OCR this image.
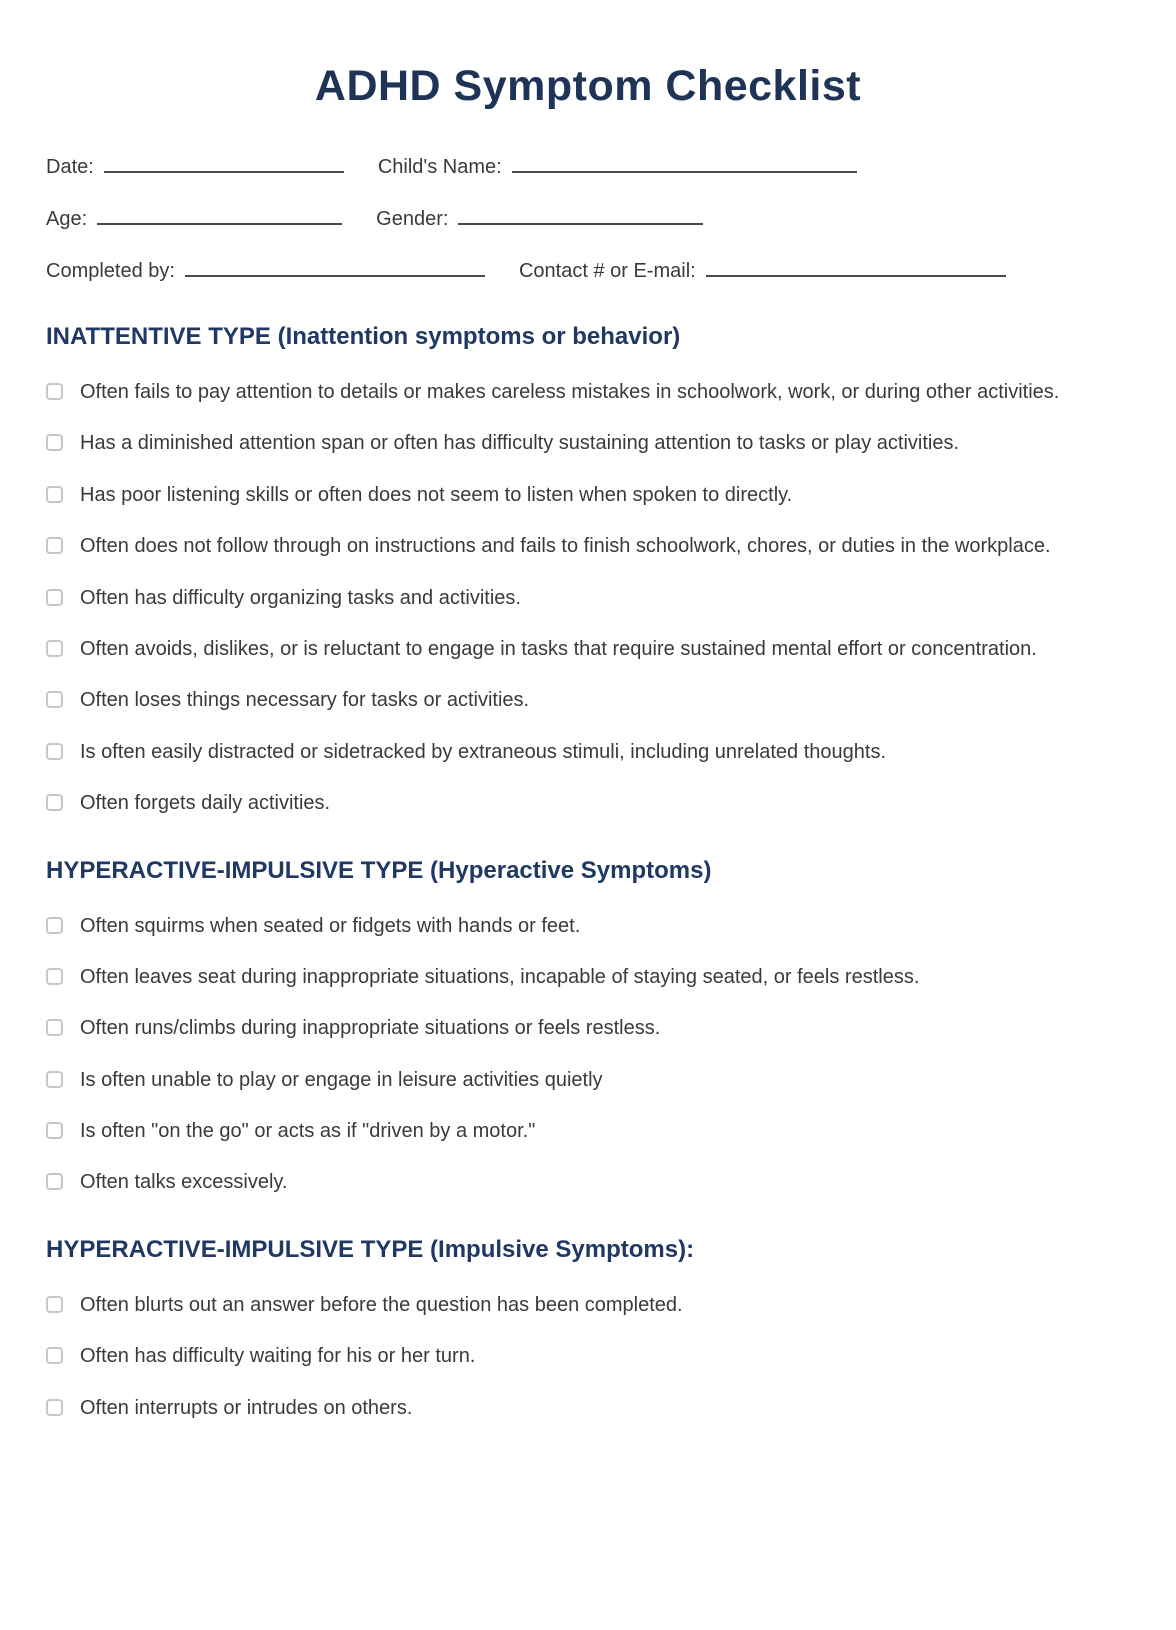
ADHD Symptom Checklist
Date:	Child's Name:
Age:	Gender:
Completed by:	Contact # or E-mail:
INATTENTIVE TYPE (Inattention symptoms or behavior)
Often fails to pay attention to details or makes careless mistakes in schoolwork, work, or during other activities.
Has a diminished attention span or often has difficulty sustaining attention to tasks or play activities.
Has poor listening skills or often does not seem to listen when spoken to directly.
Often does not follow through on instructions and fails to finish schoolwork, chores, or duties in the workplace.
Often has difficulty organizing tasks and activities.
Often avoids, dislikes, or is reluctant to engage in tasks that require sustained mental effort or concentration.
Often loses things necessary for tasks or activities.
Is often easily distracted or sidetracked by extraneous stimuli, including unrelated thoughts.
Often forgets daily activities.
HYPERACTIVE-IMPULSIVE TYPE (Hyperactive Symptoms)
Often squirms when seated or fidgets with hands or feet.
Often leaves seat during inappropriate situations, incapable of staying seated, or feels restless.
Often runs/climbs during inappropriate situations or feels restless.
Is often unable to play or engage in leisure activities quietly
Is often "on the go" or acts as if "driven by a motor."
Often talks excessively.
HYPERACTIVE-IMPULSIVE TYPE (Impulsive Symptoms):
Often blurts out an answer before the question has been completed.
Often has difficulty waiting for his or her turn.
Often interrupts or intrudes on others.
